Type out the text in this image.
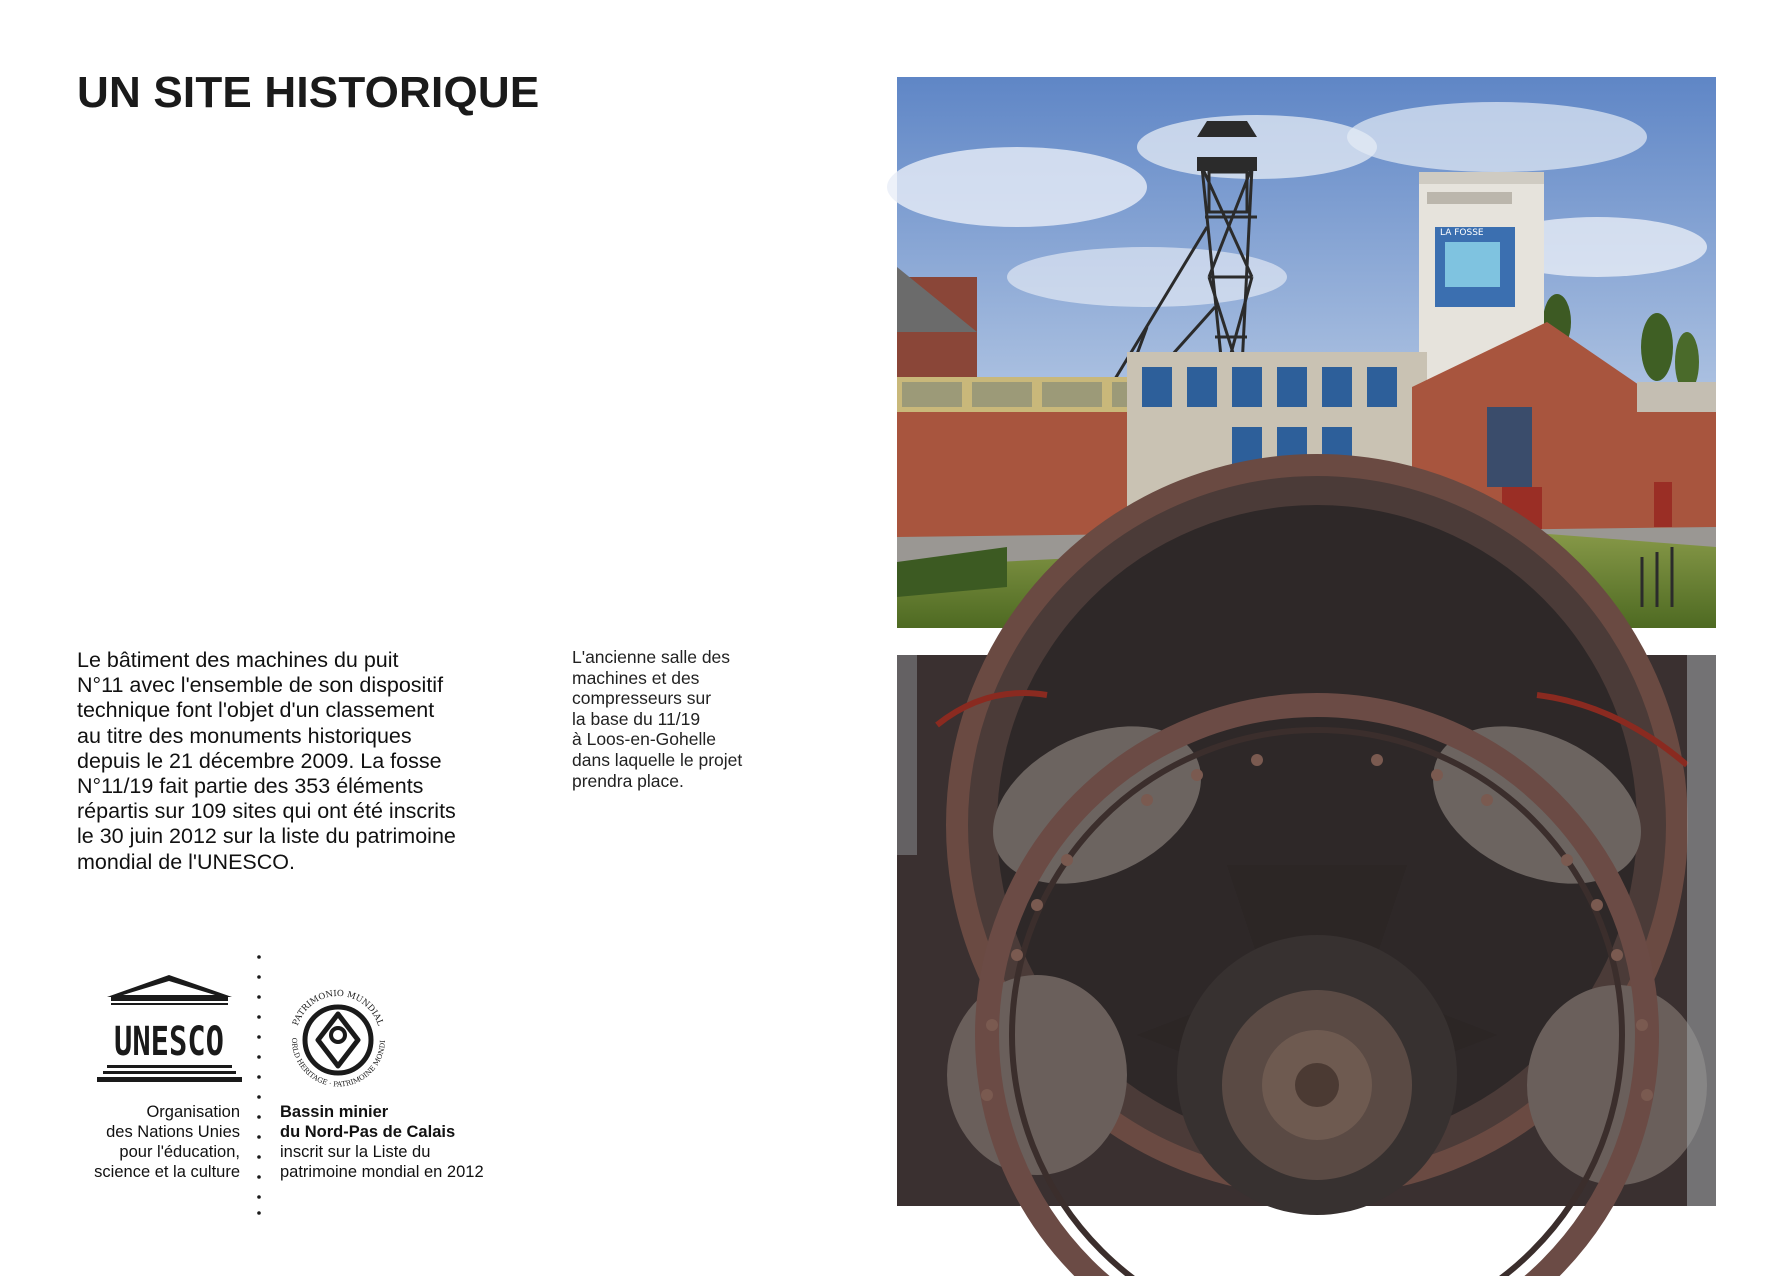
UN SITE HISTORIQUE

Le bâtiment des machines du puit
N°11 avec l'ensemble de son dispositif
technique font l'objet d'un classement
au titre des monuments historiques
depuis le 21 décembre 2009. La fosse
N°11/19 fait partie des 353 éléments
répartis sur 109 sites qui ont été inscrits
le 30 juin 2012 sur la liste du patrimoine
mondial de l'UNESCO.

L'ancienne salle des
machines et des
compresseurs sur
la base du 11/19
à Loos-en-Gohelle
dans laquelle le projet
prendra place.

LA FOSSE
UNESCO

Organisation
des Nations Unies
pour l'éducation,
science et la culture

PATRIMONIO MUNDIAL
ORLD HERITAGE · PATRIMOINE MONDI
Bassin minier
du Nord-Pas de Calais
inscrit sur la Liste du
patrimoine mondial en 2012
